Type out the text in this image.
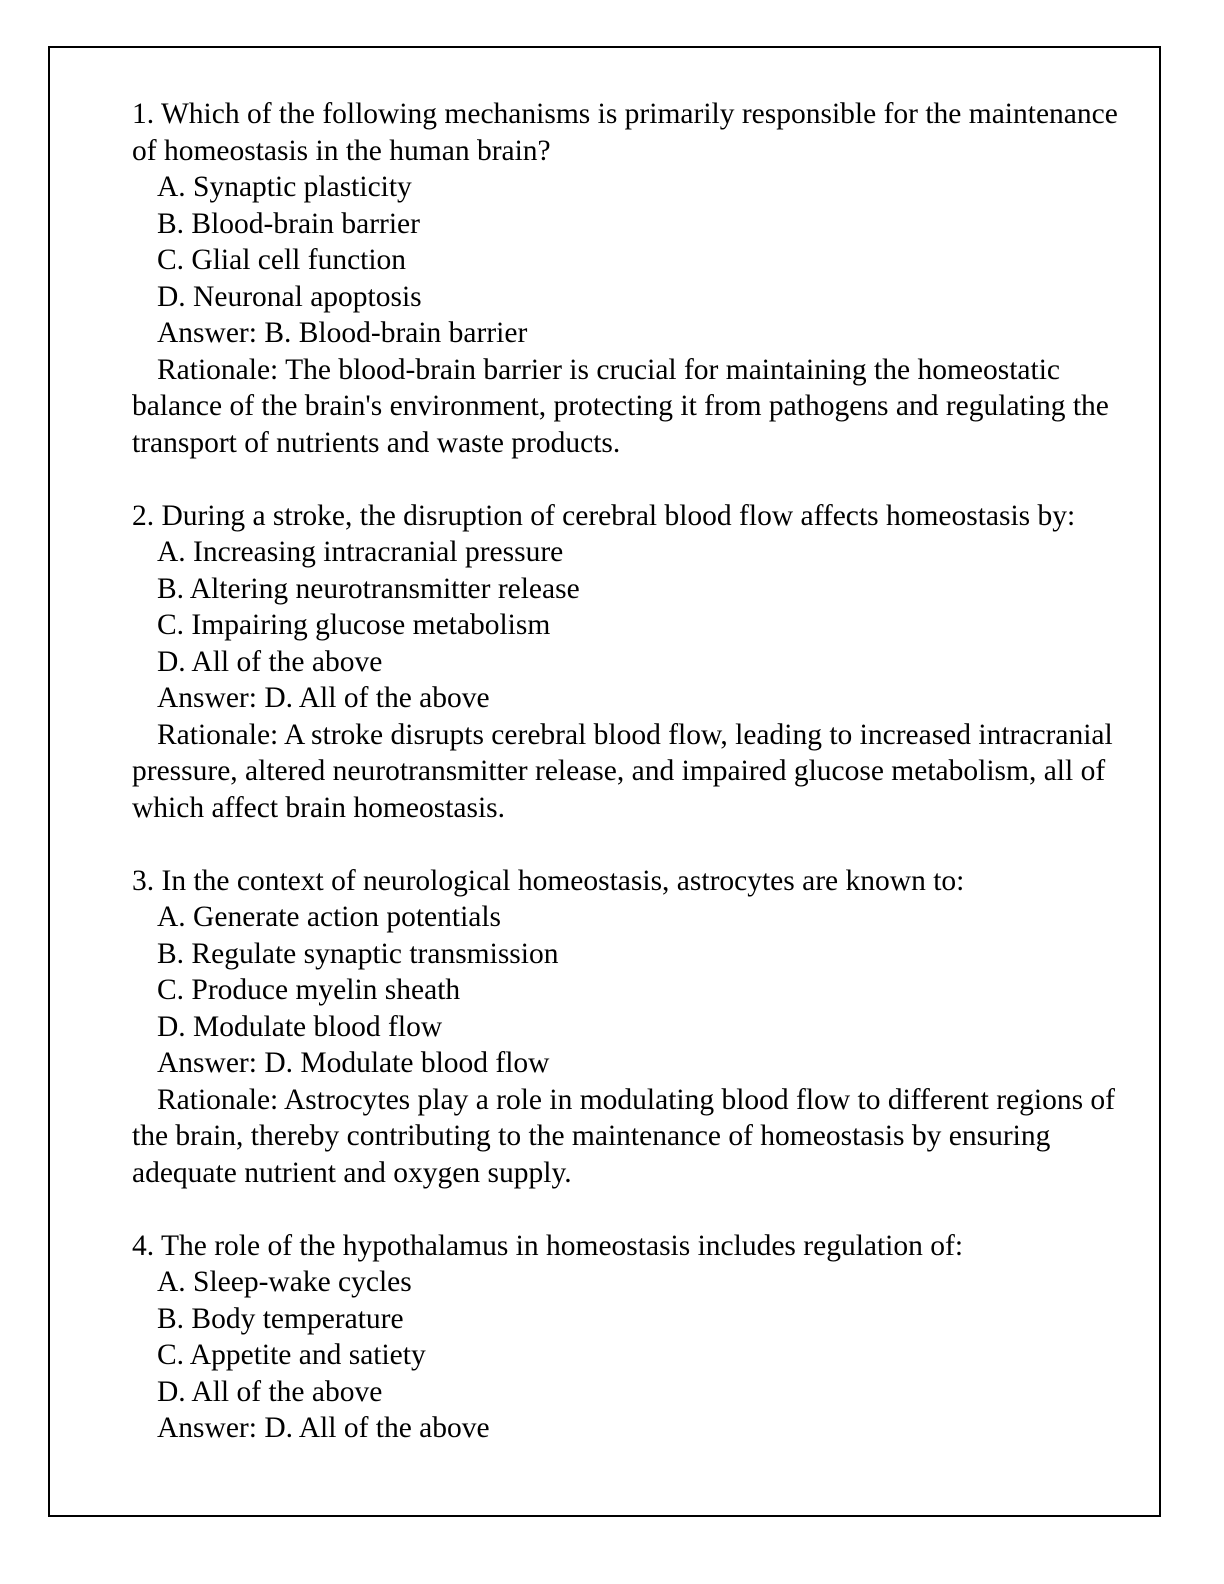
1. Which of the following mechanisms is primarily responsible for the maintenance of homeostasis in the human brain?

A. Synaptic plasticity

B. Blood-brain barrier

C. Glial cell function

D. Neuronal apoptosis

Answer: B. Blood-brain barrier

Rationale: The blood-brain barrier is crucial for maintaining the homeostatic balance of the brain's environment, protecting it from pathogens and regulating the transport of nutrients and waste products.

2. During a stroke, the disruption of cerebral blood flow affects homeostasis by:

A. Increasing intracranial pressure

B. Altering neurotransmitter release

C. Impairing glucose metabolism

D. All of the above

Answer: D. All of the above

Rationale: A stroke disrupts cerebral blood flow, leading to increased intracranial pressure, altered neurotransmitter release, and impaired glucose metabolism, all of which affect brain homeostasis.

3. In the context of neurological homeostasis, astrocytes are known to:

A. Generate action potentials

B. Regulate synaptic transmission

C. Produce myelin sheath

D. Modulate blood flow

Answer: D. Modulate blood flow

Rationale: Astrocytes play a role in modulating blood flow to different regions of the brain, thereby contributing to the maintenance of homeostasis by ensuring adequate nutrient and oxygen supply.

4. The role of the hypothalamus in homeostasis includes regulation of:

A. Sleep-wake cycles

B. Body temperature

C. Appetite and satiety

D. All of the above

Answer: D. All of the above
